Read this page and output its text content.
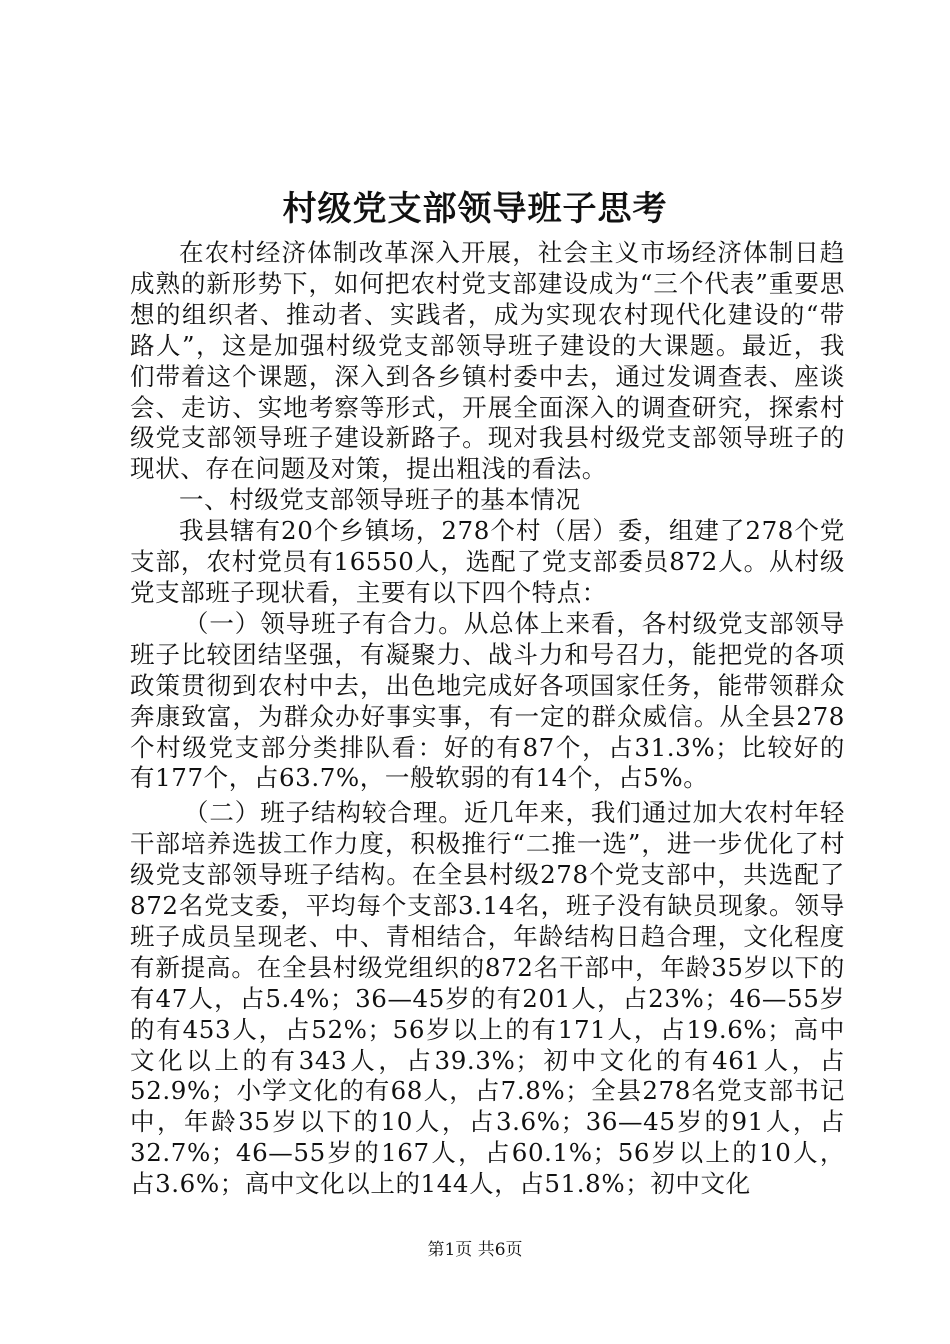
村级党支部领导班子思考

在农村经济体制改革深入开展，社会主义市场经济体制日趋成熟的新形势下，如何把农村党支部建设成为“三个代表”重要思想的组织者、推动者、实践者，成为实现农村现代化建设的“带路人”，这是加强村级党支部领导班子建设的大课题。最近，我们带着这个课题，深入到各乡镇村委中去，通过发调查表、座谈会、走访、实地考察等形式，开展全面深入的调查研究，探索村级党支部领导班子建设新路子。现对我县村级党支部领导班子的现状、存在问题及对策，提出粗浅的看法。

一、村级党支部领导班子的基本情况

我县辖有20个乡镇场，278个村（居）委，组建了278个党支部，农村党员有16550人，选配了党支部委员872人。从村级党支部班子现状看，主要有以下四个特点：

（一）领导班子有合力。从总体上来看，各村级党支部领导班子比较团结坚强，有凝聚力、战斗力和号召力，能把党的各项政策贯彻到农村中去，出色地完成好各项国家任务，能带领群众奔康致富，为群众办好事实事，有一定的群众威信。从全县278个村级党支部分类排队看：好的有87个，占31.3%；比较好的有177个，占63.7%，一般软弱的有14个，占5%。

（二）班子结构较合理。近几年来，我们通过加大农村年轻干部培养选拔工作力度，积极推行“二推一选”，进一步优化了村级党支部领导班子结构。在全县村级278个党支部中，共选配了872名党支委，平均每个支部3.14名，班子没有缺员现象。领导班子成员呈现老、中、青相结合，年龄结构日趋合理，文化程度有新提高。在全县村级党组织的872名干部中，年龄35岁以下的有47人，占5.4%；36—45岁的有201人，占23%；46—55岁的有453人，占52%；56岁以上的有171人，占19.6%；高中文化以上的有343人，占39.3%；初中文化的有461人，占52.9%；小学文化的有68人，占7.8%；全县278名党支部书记中，年龄35岁以下的10人，占3.6%；36—45岁的91人，占32.7%；46—55岁的167人，占60.1%；56岁以上的10人，占3.6%；高中文化以上的144人，占51.8%；初中文化

第1页 共6页
